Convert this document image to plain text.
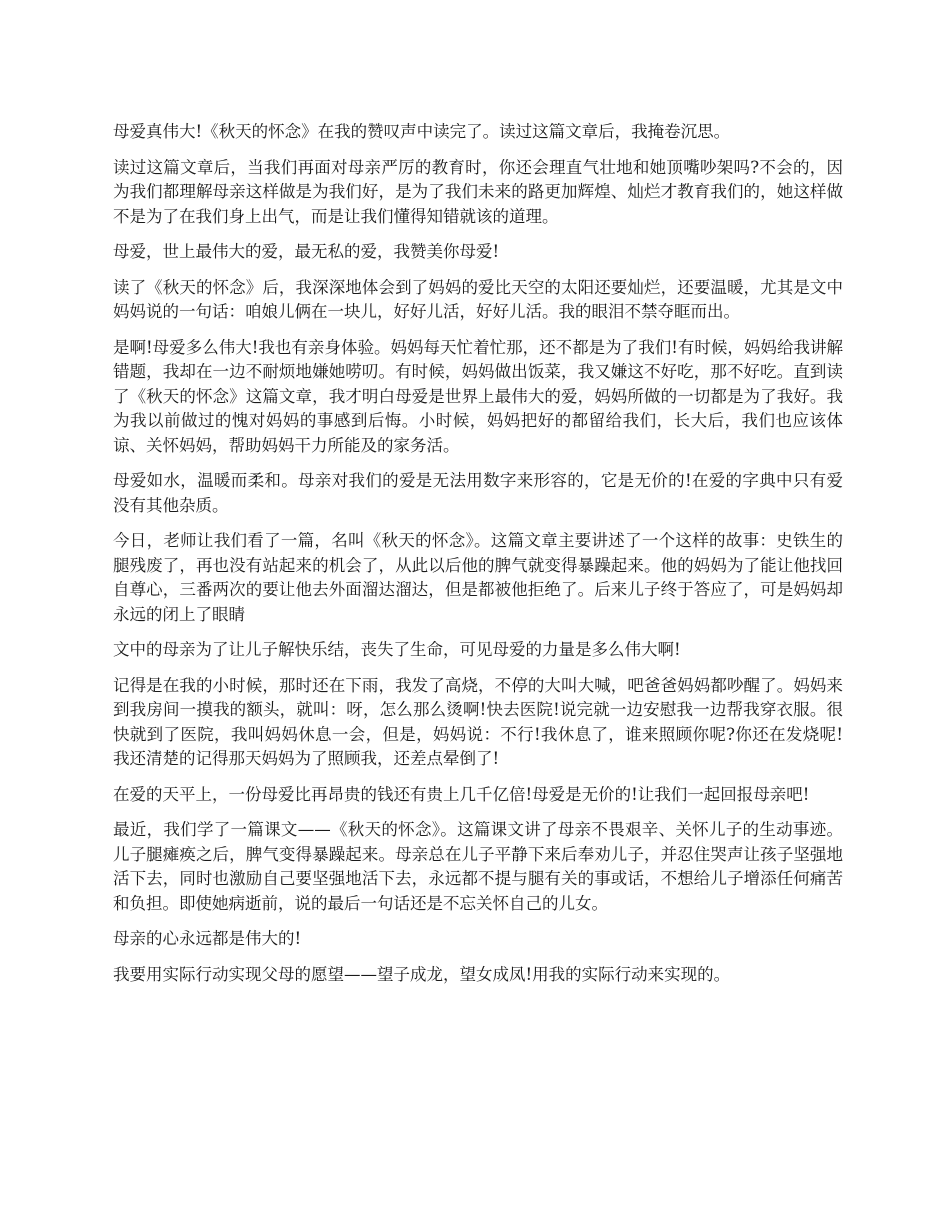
母爱真伟大!《秋天的怀念》在我的赞叹声中读完了。读过这篇文章后，我掩卷沉思。

读过这篇文章后，当我们再面对母亲严厉的教育时，你还会理直气壮地和她顶嘴吵架吗?不会的，因为我们都理解母亲这样做是为我们好，是为了我们未来的路更加辉煌、灿烂才教育我们的，她这样做不是为了在我们身上出气，而是让我们懂得知错就该的道理。

母爱，世上最伟大的爱，最无私的爱，我赞美你母爱!

读了《秋天的怀念》后，我深深地体会到了妈妈的爱比天空的太阳还要灿烂，还要温暖，尤其是文中妈妈说的一句话：咱娘儿俩在一块儿，好好儿活，好好儿活。我的眼泪不禁夺眶而出。

是啊!母爱多么伟大!我也有亲身体验。妈妈每天忙着忙那，还不都是为了我们!有时候，妈妈给我讲解错题，我却在一边不耐烦地嫌她唠叨。有时候，妈妈做出饭菜，我又嫌这不好吃，那不好吃。直到读了《秋天的怀念》这篇文章，我才明白母爱是世界上最伟大的爱，妈妈所做的一切都是为了我好。我为我以前做过的愧对妈妈的事感到后悔。小时候，妈妈把好的都留给我们，长大后，我们也应该体谅、关怀妈妈，帮助妈妈干力所能及的家务活。

母爱如水，温暖而柔和。母亲对我们的爱是无法用数字来形容的，它是无价的!在爱的字典中只有爱没有其他杂质。

今日，老师让我们看了一篇，名叫《秋天的怀念》。这篇文章主要讲述了一个这样的故事：史铁生的腿残废了，再也没有站起来的机会了，从此以后他的脾气就变得暴躁起来。他的妈妈为了能让他找回自尊心，三番两次的要让他去外面溜达溜达，但是都被他拒绝了。后来儿子终于答应了，可是妈妈却永远的闭上了眼睛

文中的母亲为了让儿子解快乐结，丧失了生命，可见母爱的力量是多么伟大啊!

记得是在我的小时候，那时还在下雨，我发了高烧，不停的大叫大喊，吧爸爸妈妈都吵醒了。妈妈来到我房间一摸我的额头，就叫：呀，怎么那么烫啊!快去医院!说完就一边安慰我一边帮我穿衣服。很快就到了医院，我叫妈妈休息一会，但是，妈妈说：不行!我休息了，谁来照顾你呢?你还在发烧呢!我还清楚的记得那天妈妈为了照顾我，还差点晕倒了!

在爱的天平上，一份母爱比再昂贵的钱还有贵上几千亿倍!母爱是无价的!让我们一起回报母亲吧!

最近，我们学了一篇课文——《秋天的怀念》。这篇课文讲了母亲不畏艰辛、关怀儿子的生动事迹。儿子腿瘫痪之后，脾气变得暴躁起来。母亲总在儿子平静下来后奉劝儿子，并忍住哭声让孩子坚强地活下去，同时也激励自己要坚强地活下去，永远都不提与腿有关的事或话，不想给儿子增添任何痛苦和负担。即使她病逝前，说的最后一句话还是不忘关怀自己的儿女。

母亲的心永远都是伟大的!

我要用实际行动实现父母的愿望——望子成龙，望女成凤!用我的实际行动来实现的。
